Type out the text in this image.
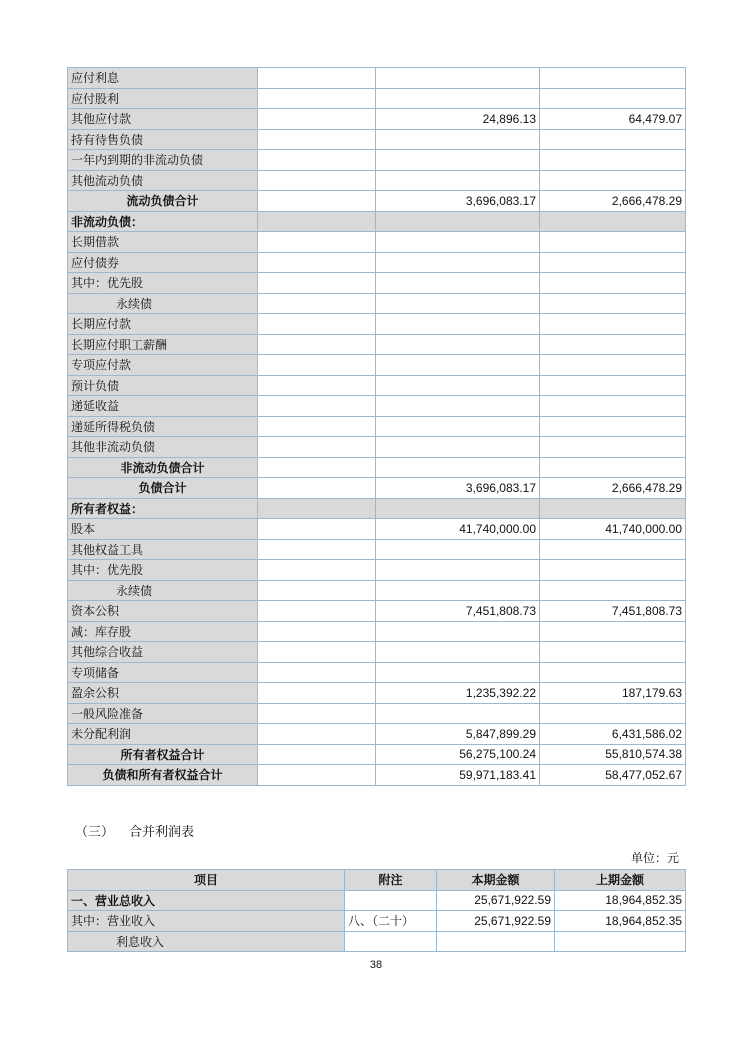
应付利息			
应付股利			
其他应付款		24,896.13	64,479.07
持有待售负债			
一年内到期的非流动负债			
其他流动负债			
流动负债合计		3,696,083.17	2,666,478.29
非流动负债：			
长期借款			
应付债券			
其中：优先股			
永续债			
长期应付款			
长期应付职工薪酬			
专项应付款			
预计负债			
递延收益			
递延所得税负债			
其他非流动负债			
非流动负债合计			
负债合计		3,696,083.17	2,666,478.29
所有者权益：			
股本		41,740,000.00	41,740,000.00
其他权益工具			
其中：优先股			
永续债			
资本公积		7,451,808.73	7,451,808.73
减：库存股			
其他综合收益			
专项储备			
盈余公积		1,235,392.22	187,179.63
一般风险准备			
未分配利润		5,847,899.29	6,431,586.02
所有者权益合计		56,275,100.24	55,810,574.38
负债和所有者权益合计		59,971,183.41	58,477,052.67
（三） 合并利润表
单位：元
项目	附注	本期金额	上期金额
一、营业总收入		25,671,922.59	18,964,852.35
其中：营业收入	八、（二十）	25,671,922.59	18,964,852.35
利息收入			
38
